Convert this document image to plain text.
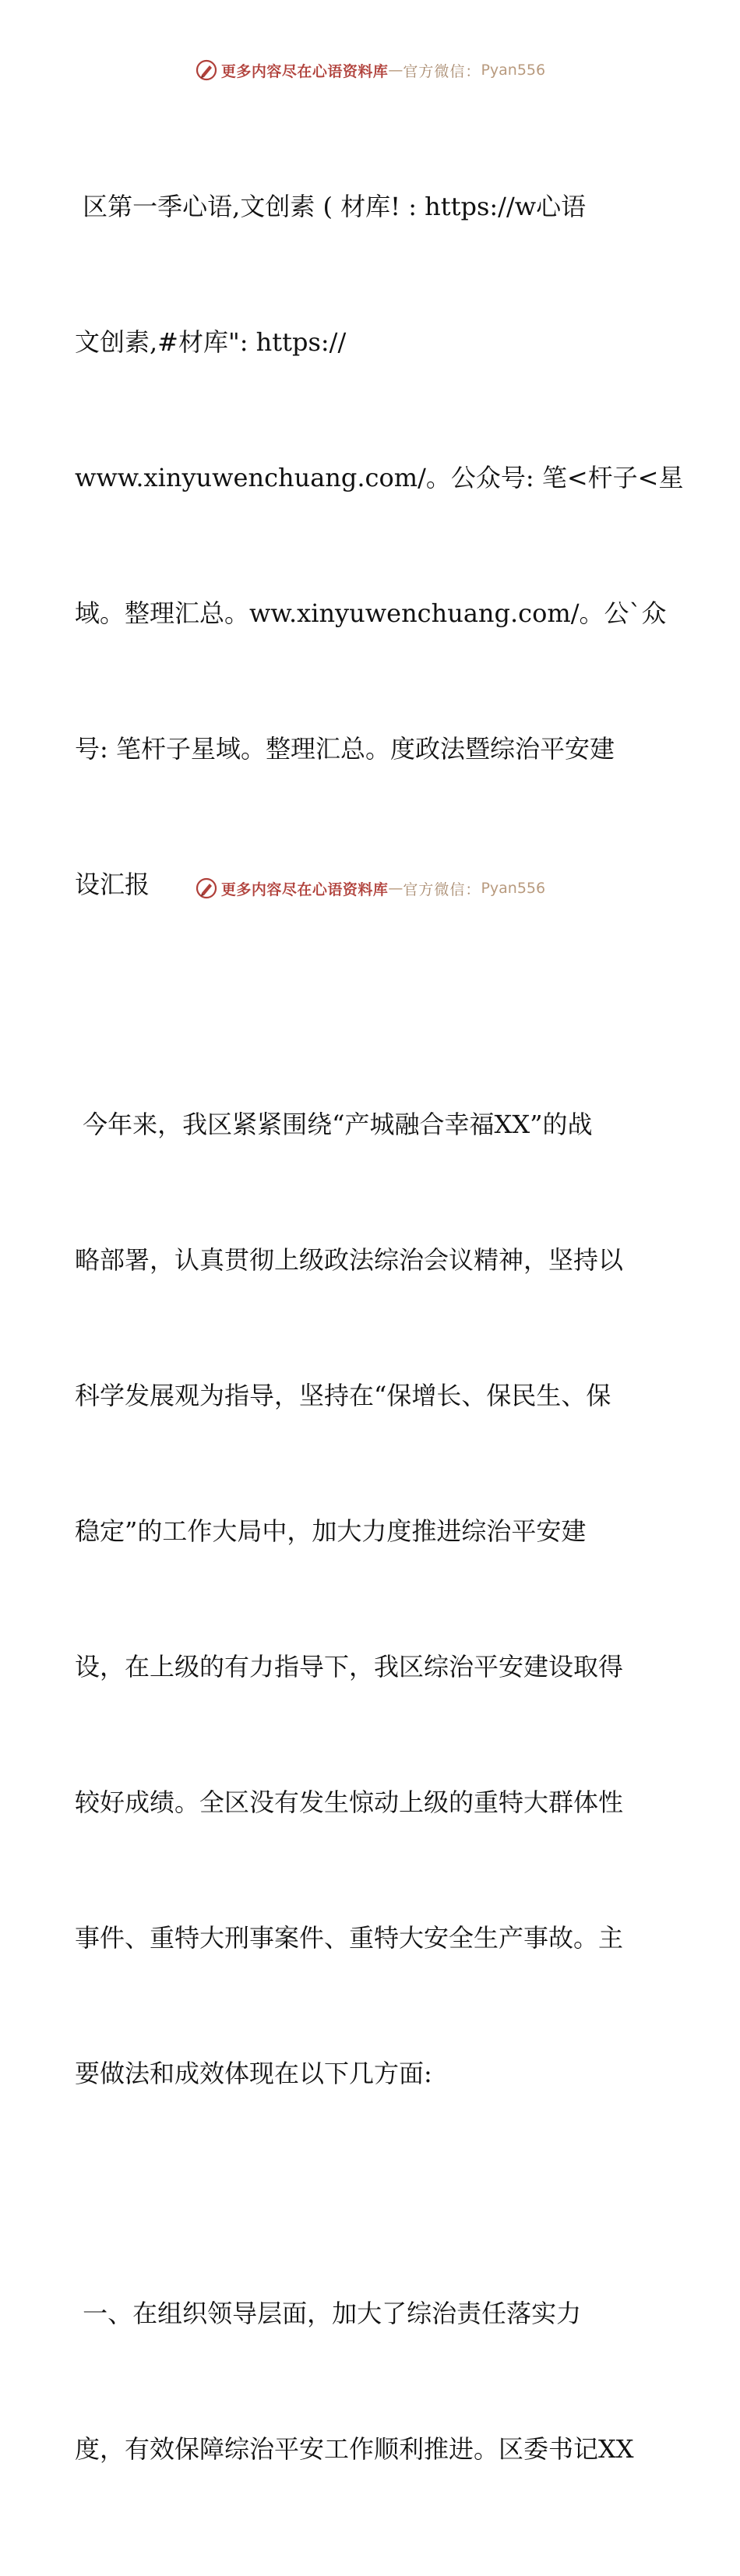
更多内容尽在心语资料库 — 官方微信： Pyan556

区第一季心语,文创素 ( 材库! : https://w心语

文创素,#材库": https://

www.xinyuwenchuang.com/。公众号: 笔<杆子<星

域。整理汇总。ww.xinyuwenchuang.com/。公`众

号: 笔杆子星域。整理汇总。度政法暨综治平安建

设汇报

今年来，我区紧紧围绕“产城融合幸福XX”的战

略部署，认真贯彻上级政法综治会议精神，坚持以

科学发展观为指导，坚持在“保增长、保民生、保

稳定”的工作大局中，加大力度推进综治平安建

设，在上级的有力指导下，我区综治平安建设取得

较好成绩。全区没有发生惊动上级的重特大群体性

事件、重特大刑事案件、重特大安全生产事故。主

要做法和成效体现在以下几方面:

一、在组织领导层面，加大了综治责任落实力

度，有效保障综治平安工作顺利推进。区委书记XX

更多内容尽在心语资料库 — 官方微信： Pyan556
